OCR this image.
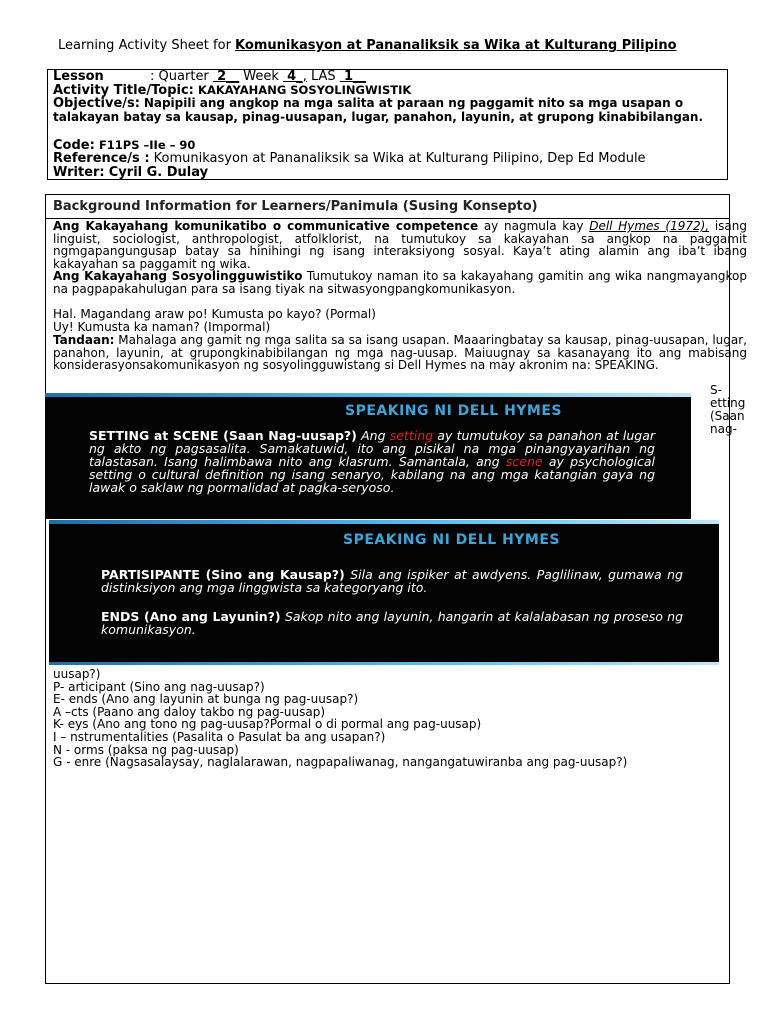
Learning Activity Sheet for Komunikasyon at Pananaliksik sa Wika at Kulturang Pilipino
Lesson	: Quarter 2__ Week 4_, LAS 1__
Activity Title/Topic: KAKAYAHANG SOSYOLINGWISTIK
Objective/s: Napipili ang angkop na mga salita at paraan ng paggamit nito sa mga usapan o talakayan batay sa kausap, pinag-uusapan, lugar, panahon, layunin, at grupong kinabibilangan.
Code: F11PS –IIe – 90
Reference/s : Komunikasyon at Pananaliksik sa Wika at Kulturang Pilipino, Dep Ed Module
Writer: Cyril G. Dulay
Background Information for Learners/Panimula (Susing Konsepto)
Ang Kakayahang komunikatibo o communicative competence ay nagmula kay Dell Hymes (1972), isang linguist, sociologist, anthropologist, atfolklorist, na tumutukoy sa kakayahan sa angkop na paggamit ngmgapangungusap batay sa hinihingi ng isang interaksiyong sosyal. Kaya’t ating alamin ang iba’t ibang kakayahan sa paggamit ng wika.
Ang Kakayahang Sosyolingguwistiko Tumutukoy naman ito sa kakayahang gamitin ang wika nangmayangkop na pagpapakahulugan para sa isang tiyak na sitwasyongpangkomunikasyon.
Hal. Magandang araw po! Kumusta po kayo? (Pormal)
Uy! Kumusta ka naman? (Impormal)
Tandaan: Mahalaga ang gamit ng mga salita sa sa isang usapan. Maaaringbatay sa kausap, pinag-uusapan, lugar, panahon, layunin, at grupongkinabibilangan ng mga nag-uusap. Maiuugnay sa kasanayang ito ang mabisang konsiderasyonsakomunikasyon ng sosyolingguwistang si Dell Hymes na may akronim na: SPEAKING.
uusap?)
P- articipant (Sino ang nag-uusap?)
E- ends (Ano ang layunin at bunga ng pag-uusap?)
A –cts (Paano ang daloy takbo ng pag-uusap)
K- eys (Ano ang tono ng pag-uusap?Pormal o di pormal ang pag-uusap)
I – nstrumentalities (Pasalita o Pasulat ba ang usapan?)
N - orms (paksa ng pag-uusap)
G - enre (Nagsasalaysay, naglalarawan, nagpapaliwanag, nangangatuwiranba ang pag-uusap?)
S- etting (Saan nag-
SPEAKING NI DELL HYMES
SETTING at SCENE (Saan Nag-uusap?) Ang setting ay tumutukoy sa panahon at lugar ng akto ng pagsasalita. Samakatuwid, ito ang pisikal na mga pinangyayarihan ng talastasan. Isang halimbawa nito ang klasrum. Samantala, ang scene ay psychological setting o cultural definition ng isang senaryo, kabilang na ang mga katangian gaya ng lawak o saklaw ng pormalidad at pagka-seryoso.
SPEAKING NI DELL HYMES
PARTISIPANTE (Sino ang Kausap?) Sila ang ispiker at awdyens. Paglilinaw, gumawa ng distinksiyon ang mga linggwista sa kategoryang ito.
ENDS (Ano ang Layunin?) Sakop nito ang layunin, hangarin at kalalabasan ng proseso ng komunikasyon.
